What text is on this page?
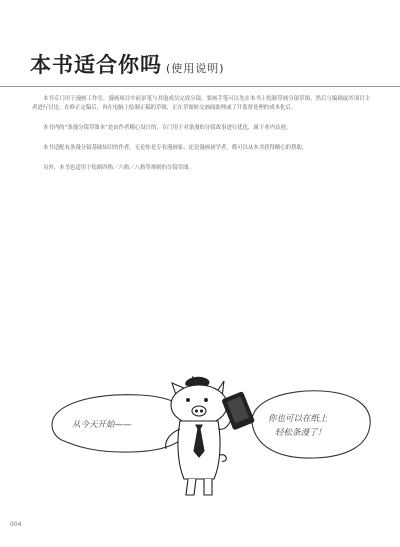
本书适合你吗 (使用说明)

本书专门用于漫画工作室，漫画项目中前景笔与其他成员完成分镜，要画手笔可以先在本书上绘制草画分镜草图，然后与编剧或其项目主者进行讨论，在修正定稿后，再在电脑上绘制正稿的草图，正在草图转交画面助理或了开监督处理的成本化后。

本书内的“条漫分镜草图本”是由作者精心设计的，专门用于对条漫的分镜故事进行优化，属于业内首创。

本书适配有条漫分镜基础知识的作者。无论你是专业漫画家、还是漫画初学者，都可以从本书获得精心的帮助。

另外，本书也适用于绘制四格／六格／八格等规则的分镜草图。

从今天开始——
你也可以在纸上
轻松条漫了！
004
